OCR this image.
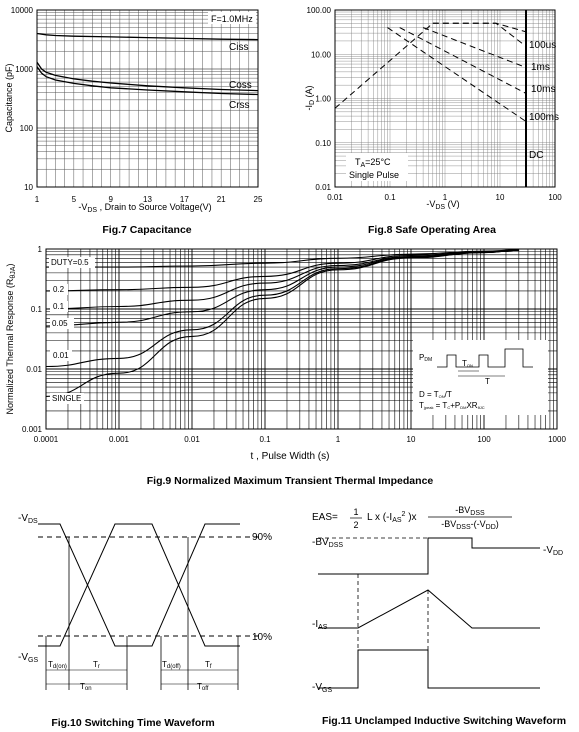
1	5	9	13	17	21	25
10
100
1000
10000
F=1.0MHz
Ciss
Coss
Crss
Capacitance (pF)
$-V_{DS}$ , Drain to Source Voltage(V)
Fig.7 Capacitance
0.01	0.1	1	10	100
0.01
0.10
1.00
10.00
100.00
100us
1ms
10ms
100ms
DC
$T_A=25^\circ C$
Single Pulse
$-I_D$ (A)
$-V_{DS}$ (V)
Fig.8 Safe Operating Area
0.0001	0.001	0.01	0.1	1	10	100	1000
0.001
0.01
0.1
1
DUTY=0.5
0.2
0.1
0.05
0.01
SINGLE
PDM	TON
T
D = TON/T
Tjpeak = TC+PDMXRθJC
Normalized Thermal Response $(R_{\theta JA})$
t , Pulse Width (s)
Fig.9 Normalized Maximum Transient Thermal Impedance
$-V_{DS}$
$-V_{GS}$
90%
10%
Td(on)	Tr	Td(off)	Tf
Ton	Toff
Fig.10 Switching Time Waveform
EAS= 1
2
L x ($-I_{AS}^2$ )x
$-BV_{DSS}$
$-BV_{DSS}-(-V_{DD})$
$-BV_{DSS}$	$-V_{DD}$
$-I_{AS}$
$-V_{GS}$
Fig.11 Unclamped Inductive Switching Waveform
